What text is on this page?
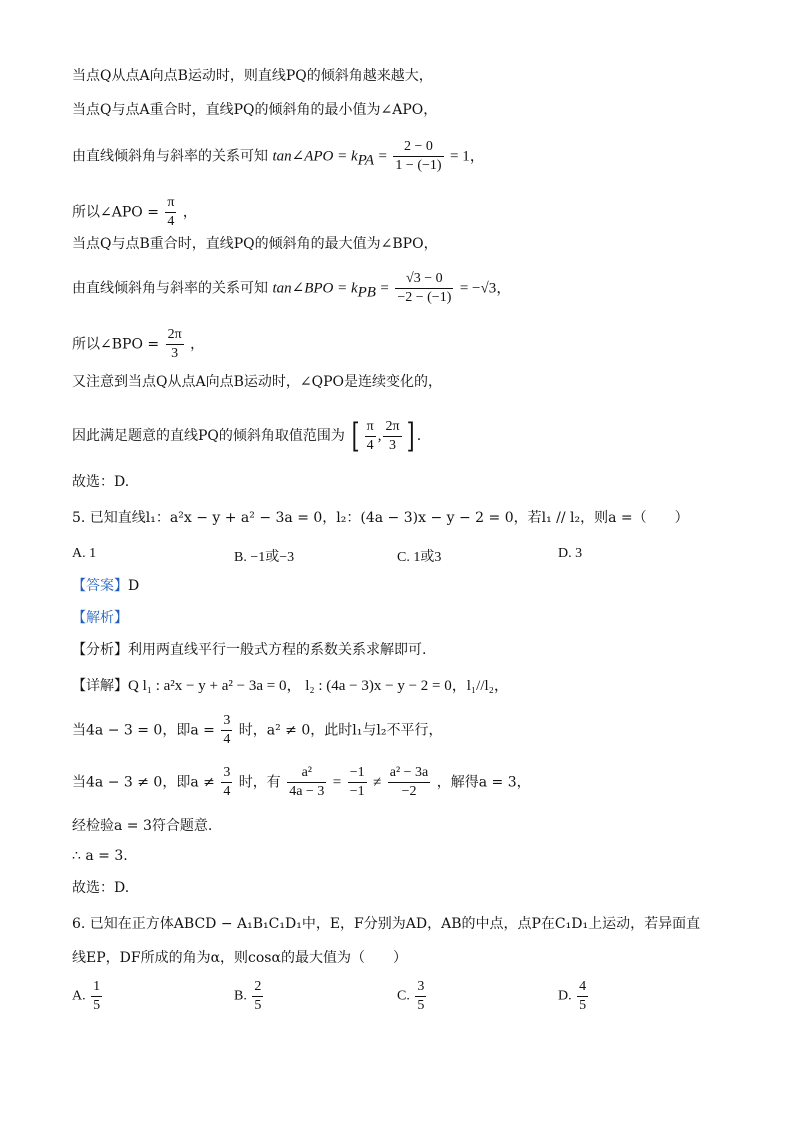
当点Q从点A向点B运动时，则直线PQ的倾斜角越来越大，
当点Q与点A重合时，直线PQ的倾斜角的最小值为∠APO，
由直线倾斜角与斜率的关系可知 tan∠APO = $k_{PA} = \frac{2 - 0}{1 - (-1)} = 1$，
所以∠APO = $\frac{\pi}{4}$ ，
当点Q与点B重合时，直线PQ的倾斜角的最大值为∠BPO，
由直线倾斜角与斜率的关系可知 tan∠BPO = $k_{PB} = \frac{√3 - 0}{-2 - (-1)} = -√3$，
所以∠BPO = $\frac{2\pi}{3}$ ，
又注意到当点Q从点A向点B运动时，∠QPO是连续变化的，
因此满足题意的直线PQ的倾斜角取值范围为 [ $\frac{\pi}{4}$ , $\frac{2\pi}{3}$ ] .
故选：D.
5. 已知直线l₁：a²x − y + a² − 3a = 0，l₂：(4a − 3)x − y − 2 = 0，若l₁ // l₂，则a =（　　）
A. 1	B. −1或−3	C. 1或3	D. 3
【答案】D
【解析】
【分析】利用两直线平行一般式方程的系数关系求解即可.
【详解】Q l₁ : a²x − y + a² − 3a = 0， l₂ : (4a − 3)x − y − 2 = 0，l₁//l₂，
当4a − 3 = 0，即$a = \frac{3}{4}$ 时，a² ≠ 0，此时l₁与l₂不平行，
当4a − 3 ≠ 0，即$a \ne \frac{3}{4}$ 时，有 $\frac{\text{a²}}{4a - 3} = \frac{-1}{-1} \ne \frac{\text{a² − 3a}}{-2}$ ，解得a = 3，
经检验a = 3符合题意.
∴ a = 3.
故选：D.
6. 已知在正方体ABCD − A₁B₁C₁D₁中，E，F分别为AD，AB的中点，点P在C₁D₁上运动，若异面直
线EP，DF所成的角为α，则cosα的最大值为（　　）
A. $\frac{1}{5}$	B. $\frac{2}{5}$	C. $\frac{3}{5}$	D. $\frac{4}{5}$
